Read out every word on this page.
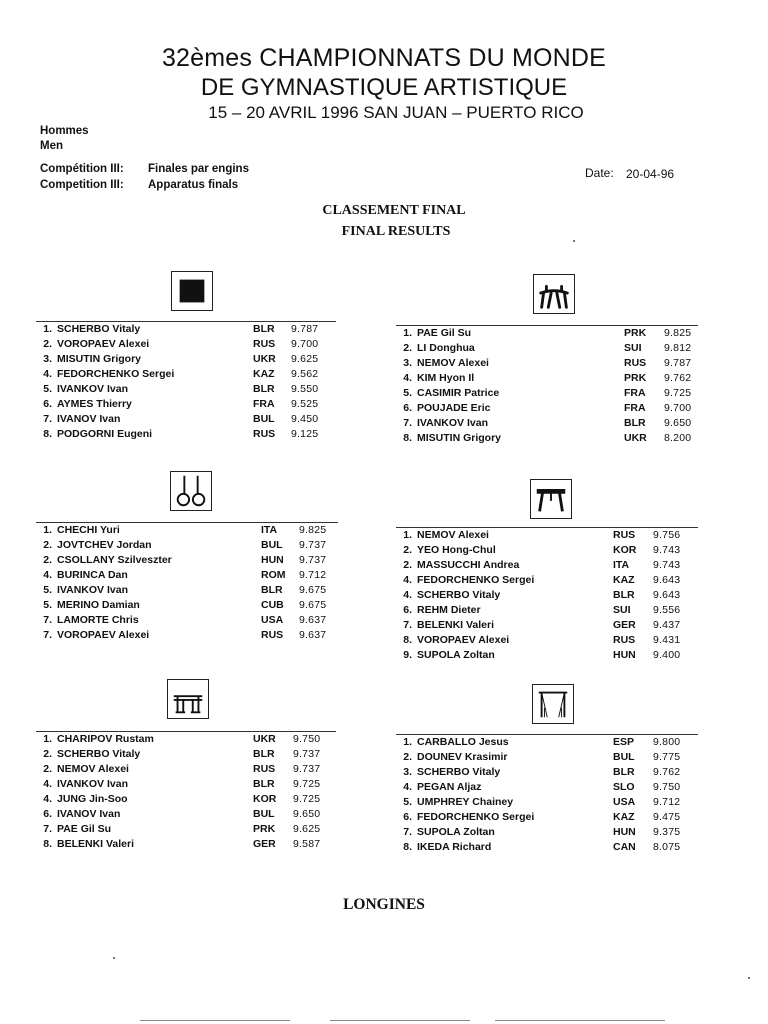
32èmes CHAMPIONNATS DU MONDE
DE GYMNASTIQUE ARTISTIQUE
15 – 20 AVRIL 1996 SAN JUAN – PUERTO RICO
Hommes
Men
Compétition III: Finales par engins
Competition III: Apparatus finals
Date: 20-04-96
CLASSEMENT FINAL
FINAL RESULTS
1.	SCHERBO Vitaly	BLR	9.787
2.	VOROPAEV Alexei	RUS	9.700
3.	MISUTIN Grigory	UKR	9.625
4.	FEDORCHENKO Sergei	KAZ	9.562
5.	IVANKOV Ivan	BLR	9.550
6.	AYMES Thierry	FRA	9.525
7.	IVANOV Ivan	BUL	9.450
8.	PODGORNI Eugeni	RUS	9.125
1.	PAE Gil Su	PRK	9.825
2.	LI Donghua	SUI	9.812
3.	NEMOV Alexei	RUS	9.787
4.	KIM Hyon Il	PRK	9.762
5.	CASIMIR Patrice	FRA	9.725
6.	POUJADE Eric	FRA	9.700
7.	IVANKOV Ivan	BLR	9.650
8.	MISUTIN Grigory	UKR	8.200
1.	CHECHI Yuri	ITA	9.825
2.	JOVTCHEV Jordan	BUL	9.737
2.	CSOLLANY Szilveszter	HUN	9.737
4.	BURINCA Dan	ROM	9.712
5.	IVANKOV Ivan	BLR	9.675
5.	MERINO Damian	CUB	9.675
7.	LAMORTE Chris	USA	9.637
7.	VOROPAEV Alexei	RUS	9.637
1.	NEMOV Alexei	RUS	9.756
2.	YEO Hong-Chul	KOR	9.743
2.	MASSUCCHI Andrea	ITA	9.743
4.	FEDORCHENKO Sergei	KAZ	9.643
4.	SCHERBO Vitaly	BLR	9.643
6.	REHM Dieter	SUI	9.556
7.	BELENKI Valeri	GER	9.437
8.	VOROPAEV Alexei	RUS	9.431
9.	SUPOLA Zoltan	HUN	9.400
1.	CHARIPOV Rustam	UKR	9.750
2.	SCHERBO Vitaly	BLR	9.737
2.	NEMOV Alexei	RUS	9.737
4.	IVANKOV Ivan	BLR	9.725
4.	JUNG Jin-Soo	KOR	9.725
6.	IVANOV Ivan	BUL	9.650
7.	PAE Gil Su	PRK	9.625
8.	BELENKI Valeri	GER	9.587
1.	CARBALLO Jesus	ESP	9.800
2.	DOUNEV Krasimir	BUL	9.775
3.	SCHERBO Vitaly	BLR	9.762
4.	PEGAN Aljaz	SLO	9.750
5.	UMPHREY Chainey	USA	9.712
6.	FEDORCHENKO Sergei	KAZ	9.475
7.	SUPOLA Zoltan	HUN	9.375
8.	IKEDA Richard	CAN	8.075
LONGINES
